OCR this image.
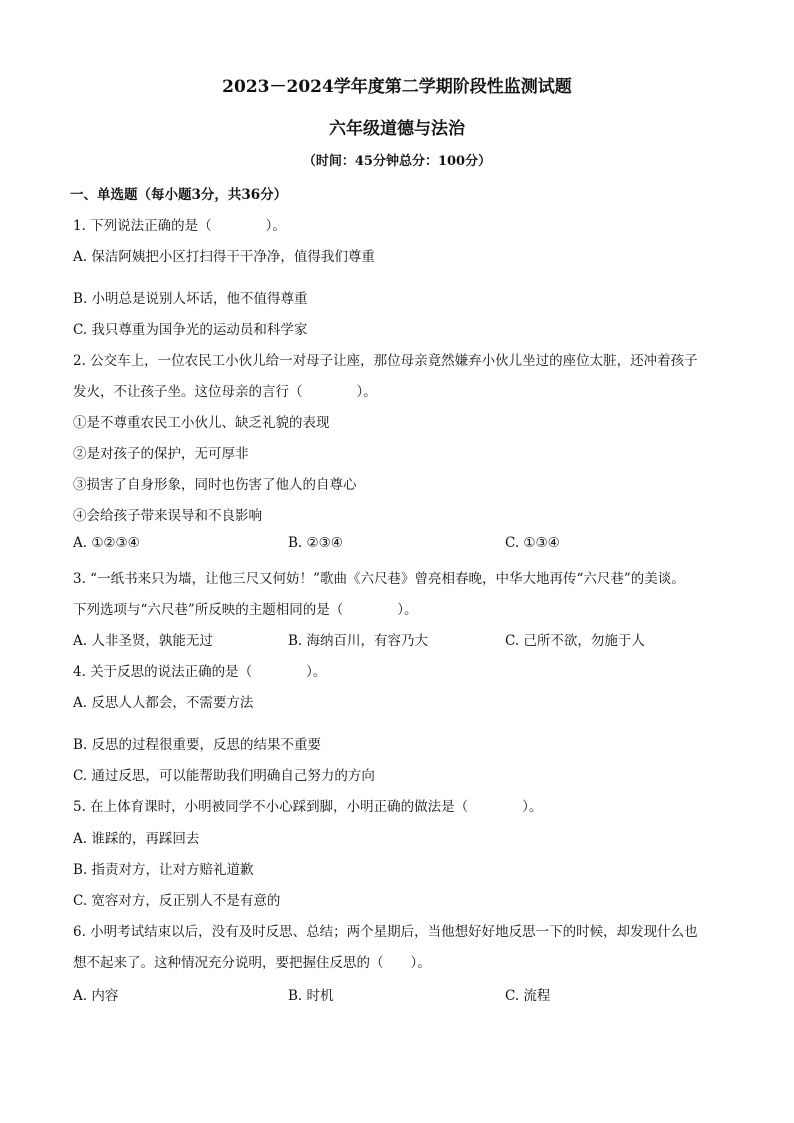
2023－2024学年度第二学期阶段性监测试题
六年级道德与法治
（时间：45分钟总分：100分）
一、单选题（每小题3分，共36分）
1. 下列说法正确的是（　　　　）。
A. 保洁阿姨把小区打扫得干干净净，值得我们尊重
B. 小明总是说别人坏话，他不值得尊重
C. 我只尊重为国争光的运动员和科学家
2. 公交车上，一位农民工小伙儿给一对母子让座，那位母亲竟然嫌弃小伙儿坐过的座位太脏，还冲着孩子
发火，不让孩子坐。这位母亲的言行（　　　　）。
①是不尊重农民工小伙儿、缺乏礼貌的表现
②是对孩子的保护，无可厚非
③损害了自身形象，同时也伤害了他人的自尊心
④会给孩子带来误导和不良影响
A. ①②③④	B. ②③④	C. ①③④
3. “一纸书来只为墙，让他三尺又何妨！”歌曲《六尺巷》曾亮相春晚，中华大地再传“六尺巷”的美谈。
下列选项与“六尺巷”所反映的主题相同的是（　　　　）。
A. 人非圣贤，孰能无过	B. 海纳百川，有容乃大	C. 己所不欲，勿施于人
4. 关于反思的说法正确的是（　　　　）。
A. 反思人人都会，不需要方法
B. 反思的过程很重要，反思的结果不重要
C. 通过反思，可以能帮助我们明确自己努力的方向
5. 在上体育课时，小明被同学不小心踩到脚，小明正确的做法是（　　　　）。
A. 谁踩的，再踩回去
B. 指责对方，让对方赔礼道歉
C. 宽容对方，反正别人不是有意的
6. 小明考试结束以后，没有及时反思、总结；两个星期后，当他想好好地反思一下的时候，却发现什么也
想不起来了。这种情况充分说明，要把握住反思的（　　）。
A. 内容	B. 时机	C. 流程
